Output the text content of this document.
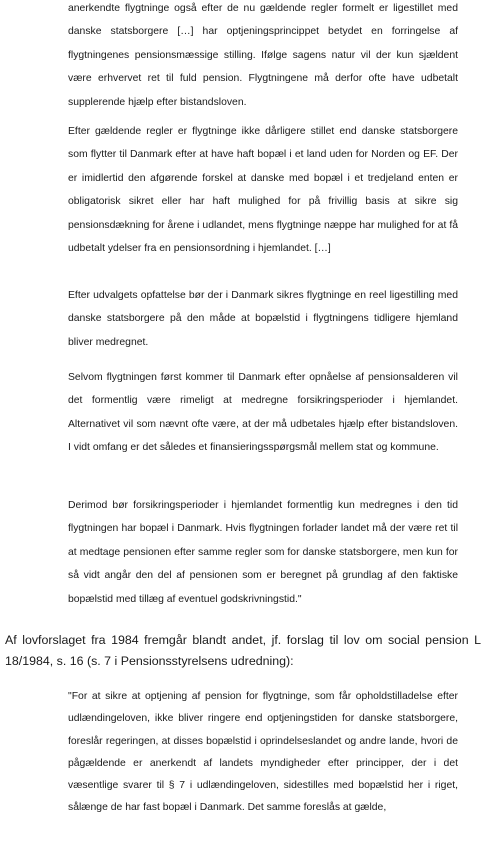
anerkendte flygtninge også efter de nu gældende regler formelt er ligestillet med danske statsborgere […] har optjeningsprincippet betydet en forringelse af flygtningenes pensionsmæssige stilling. Ifølge sagens natur vil der kun sjældent være erhvervet ret til fuld pension. Flygtningene må derfor ofte have udbetalt supplerende hjælp efter bistandsloven.

Efter gældende regler er flygtninge ikke dårligere stillet end danske statsborgere som flytter til Danmark efter at have haft bopæl i et land uden for Norden og EF. Der er imidlertid den afgørende forskel at danske med bopæl i et tredjeland enten er obligatorisk sikret eller har haft mulighed for på frivillig basis at sikre sig pensionsdækning for årene i udlandet, mens flygtninge næppe har mulighed for at få udbetalt ydelser fra en pensionsordning i hjemlandet. […]

Efter udvalgets opfattelse bør der i Danmark sikres flygtninge en reel ligestilling med danske statsborgere på den måde at bopælstid i flygtningens tidligere hjemland bliver medregnet.

Selvom flygtningen først kommer til Danmark efter opnåelse af pensionsalderen vil det formentlig være rimeligt at medregne forsikringsperioder i hjemlandet. Alternativet vil som nævnt ofte være, at der må udbetales hjælp efter bistandsloven. I vidt omfang er det således et finansieringsspørgsmål mellem stat og kommune.

Derimod bør forsikringsperioder i hjemlandet formentlig kun medregnes i den tid flygtningen har bopæl i Danmark. Hvis flygtningen forlader landet må der være ret til at medtage pensionen efter samme regler som for danske statsborgere, men kun for så vidt angår den del af pensionen som er beregnet på grundlag af den faktiske bopælstid med tillæg af eventuel godskrivningstid."

Af lovforslaget fra 1984 fremgår blandt andet, jf. forslag til lov om social pension L 18/1984, s. 16 (s. 7 i Pensionsstyrelsens udredning):

"For at sikre at optjening af pension for flygtninge, som får opholdstilladelse efter udlændingeloven, ikke bliver ringere end optjeningstiden for danske statsborgere, foreslår regeringen, at disses bopælstid i oprindelseslandet og andre lande, hvori de pågældende er anerkendt af landets myndigheder efter principper, der i det væsentlige svarer til § 7 i udlændingeloven, sidestilles med bopælstid her i riget, sålænge de har fast bopæl i Danmark. Det samme foreslås at gælde,
